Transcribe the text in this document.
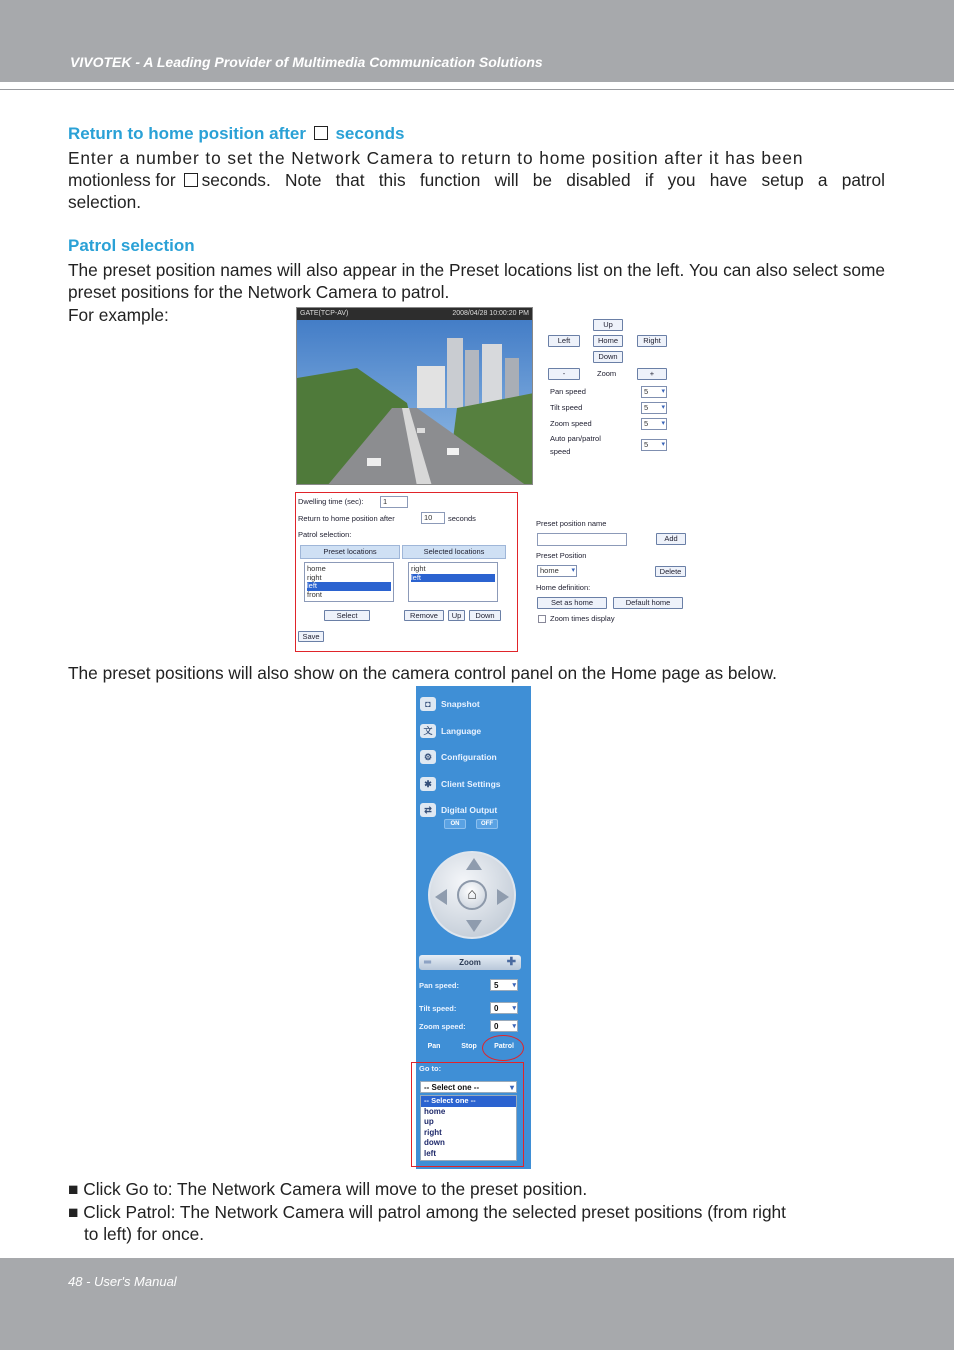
VIVOTEK - A Leading Provider of Multimedia Communication Solutions
Return to home position after seconds
Enter a number to set the Network Camera to return to home position after it has been
motionless for seconds. Note that this function will be disabled if you have setup a patrol
selection.
Patrol selection
The preset position names will also appear in the Preset locations list on the left. You can also select some preset positions for the Network Camera to patrol.
For example:	GATE(TCP-AV)	2008/04/28 10:00:20 PM
Up
Left	Home	Right
Down
-	Zoom	+
Pan speed	5 ▾
Tilt speed	5 ▾
Zoom speed	5 ▾
Auto pan/patrol
speed
5 ▾
Dwelling time (sec):	1
Return to home position after	10	seconds
Patrol selection:
Preset locations	Selected locations
home
right
left
front
right
left
Select	Remove	Up	Down
Save
Preset position name
Add
Preset Position
home ▾	Delete
Home definition:
Set as home	Default home
Zoom times display
The preset positions will also show on the camera control panel on the Home page as below.
◘	Snapshot
文	Language
⚙	Configuration
✱	Client Settings
⇄	Digital Output
ON	OFF
⌂
═	Zoom ✚
Pan speed:	5 ▾
Tilt speed:	0 ▾
Zoom speed:	0 ▾
Pan	Stop	Patrol
Go to:
-- Select one --	▾
-- Select one --
home
up
right
down
left
■ Click Go to: The Network Camera will move to the preset position.
■ Click Patrol: The Network Camera will patrol among the selected preset positions (from right
to left) for once.
48 - User's Manual
